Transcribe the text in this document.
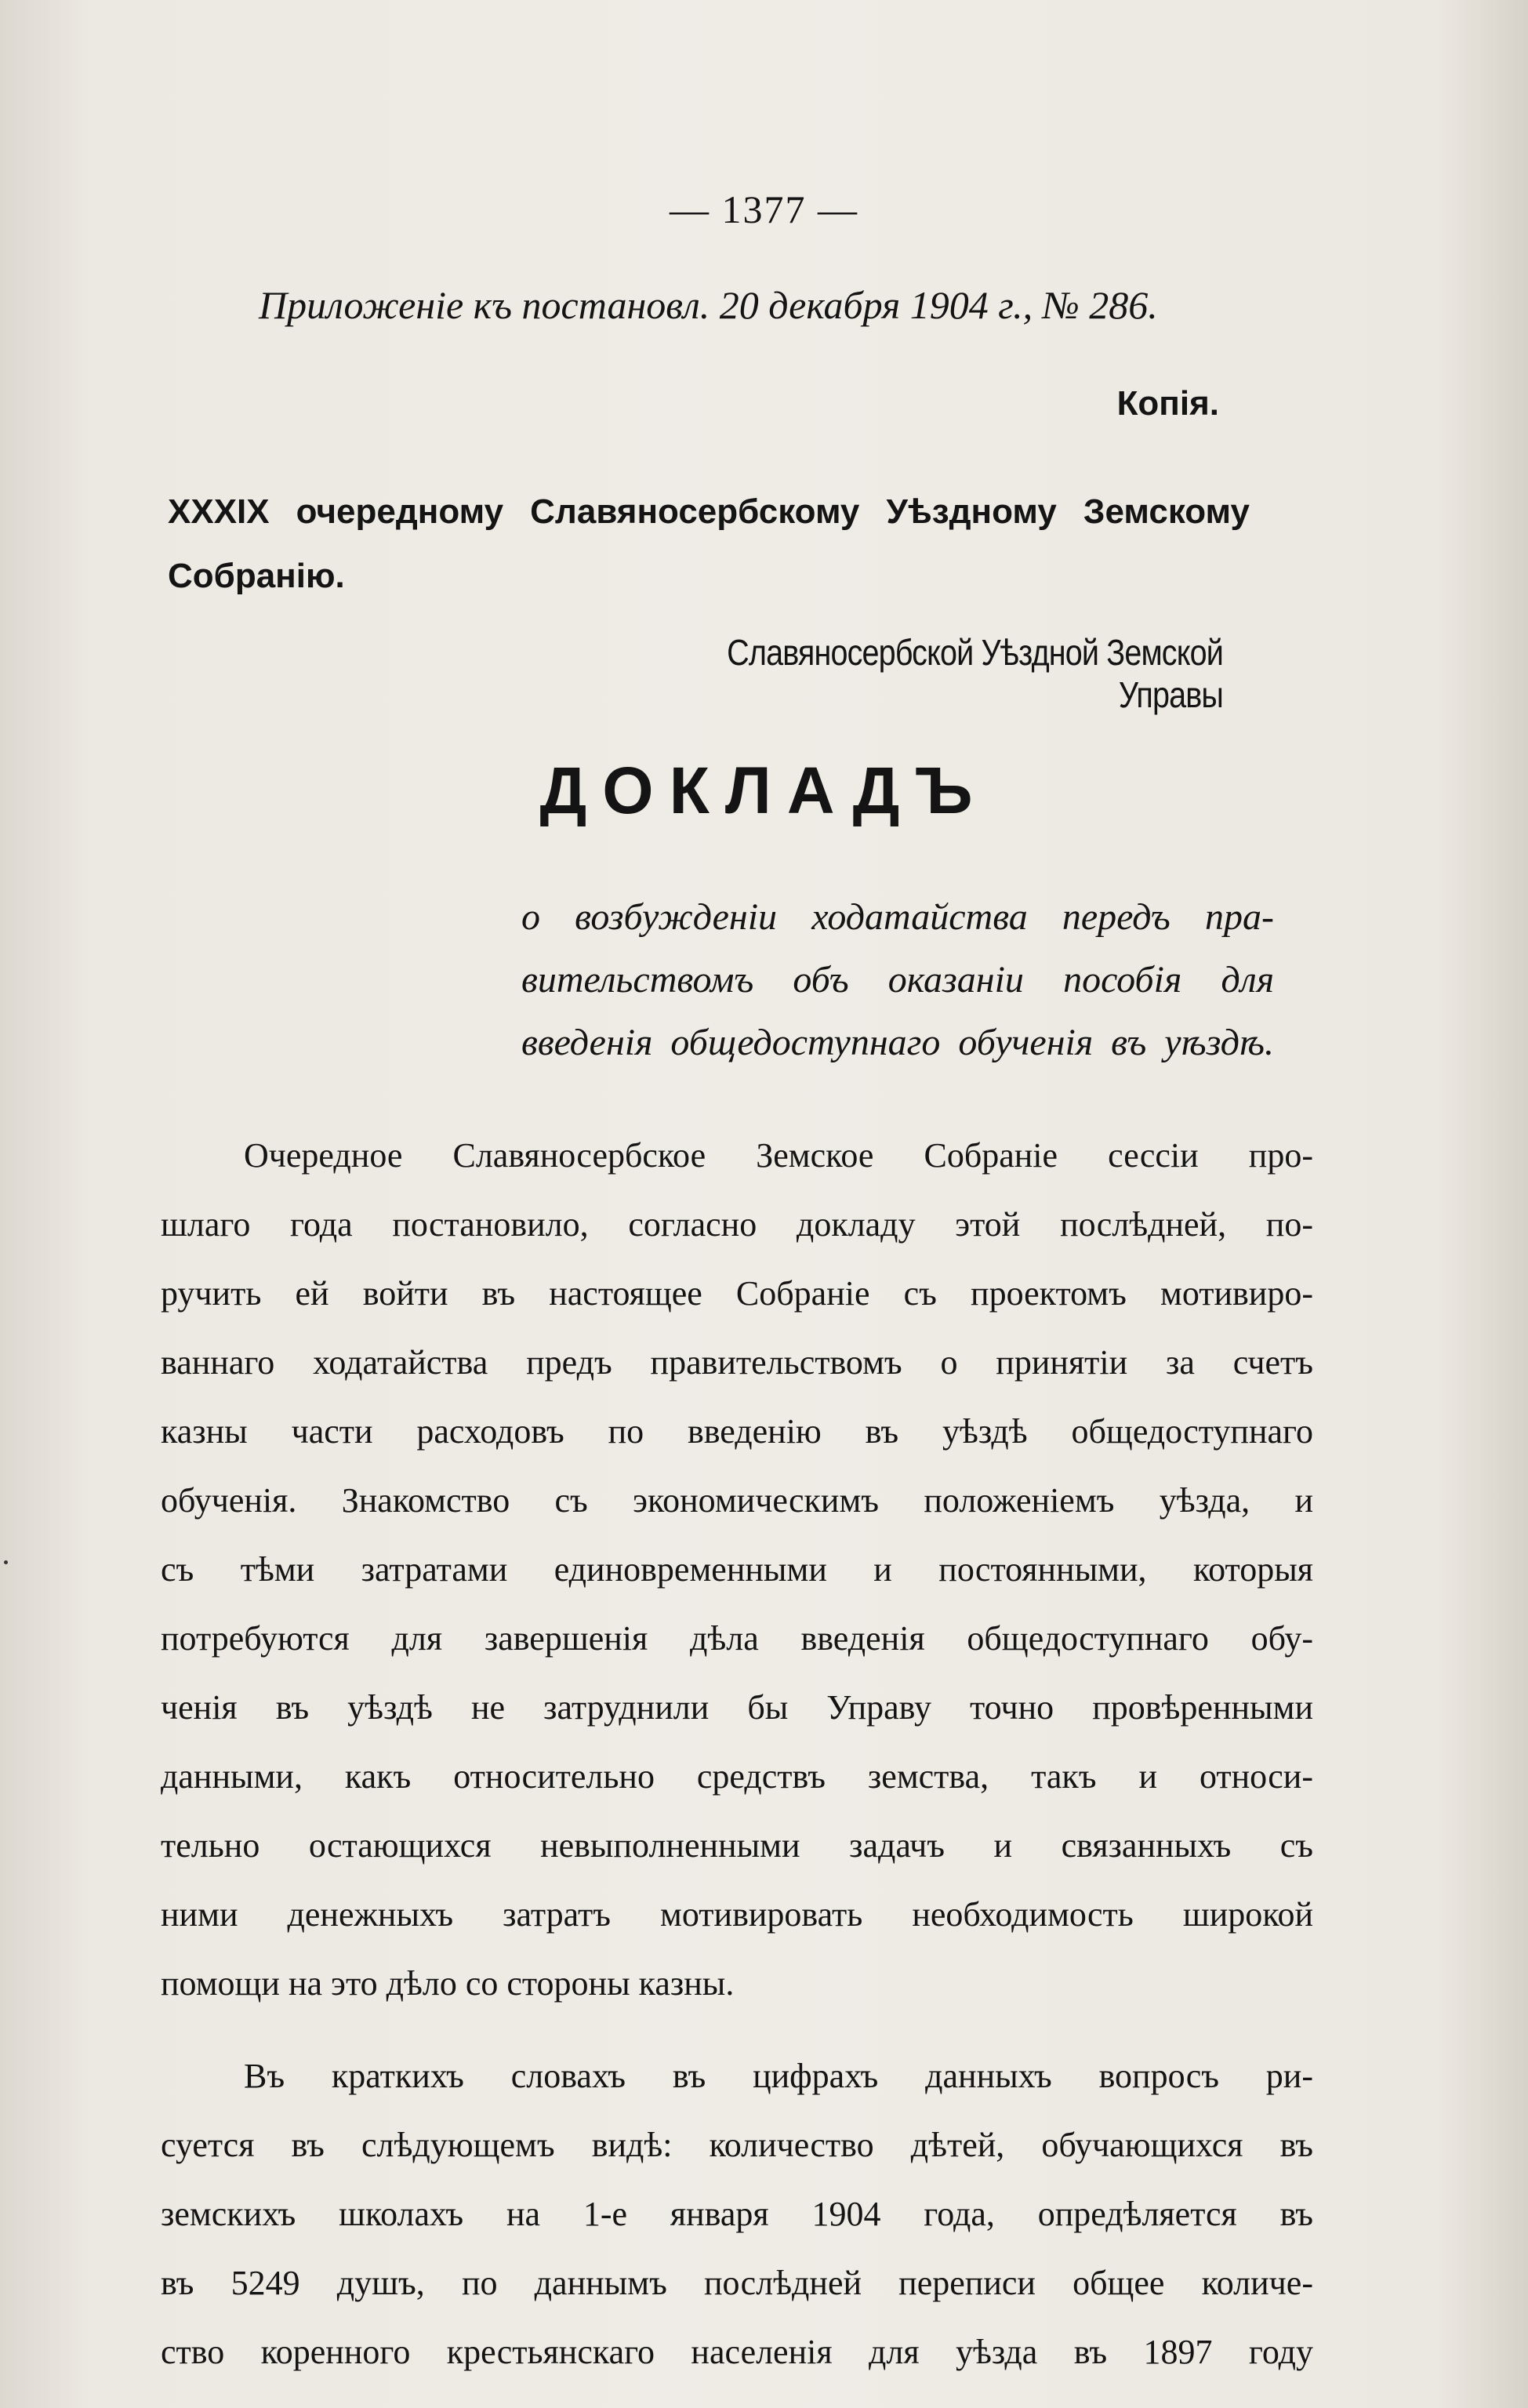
— 1377 —
Приложеніе къ постановл. 20 декабря 1904 г., № 286.
Копія.
XXXIX очередному Славяносербскому Уѣздному Земскому Собранію.
Славяносербской Уѣздной Земской Управы
ДОКЛАДЪ
о возбужденіи ходатайства передъ пра-
вительствомъ объ оказаніи пособія для
введенія общедоступнаго обученія въ уѣздѣ.
Очередное Славяносербское Земское Собраніе сессіи про-
шлаго года постановило, согласно докладу этой послѣдней, по-
ручить ей войти въ настоящее Собраніе съ проектомъ мотивиро-
ваннаго ходатайства предъ правительствомъ о принятіи за счетъ
казны части расходовъ по введенію въ уѣздѣ общедоступнаго
обученія. Знакомство съ экономическимъ положеніемъ уѣзда, и
съ тѣми затратами единовременными и постоянными, которыя
потребуются для завершенія дѣла введенія общедоступнаго обу-
ченія въ уѣздѣ не затруднили бы Управу точно провѣренными
данными, какъ относительно средствъ земства, такъ и относи-
тельно остающихся невыполненными задачъ и связанныхъ съ
ними денежныхъ затратъ мотивировать необходимость широкой
помощи на это дѣло со стороны казны.
Въ краткихъ словахъ въ цифрахъ данныхъ вопросъ ри-
суется въ слѣдующемъ видѣ: количество дѣтей, обучающихся въ
земскихъ школахъ на 1-е января 1904 года, опредѣляется въ
въ 5249 душъ, по даннымъ послѣдней переписи общее количе-
ство коренного крестьянскаго населенія для уѣзда въ 1897 году
